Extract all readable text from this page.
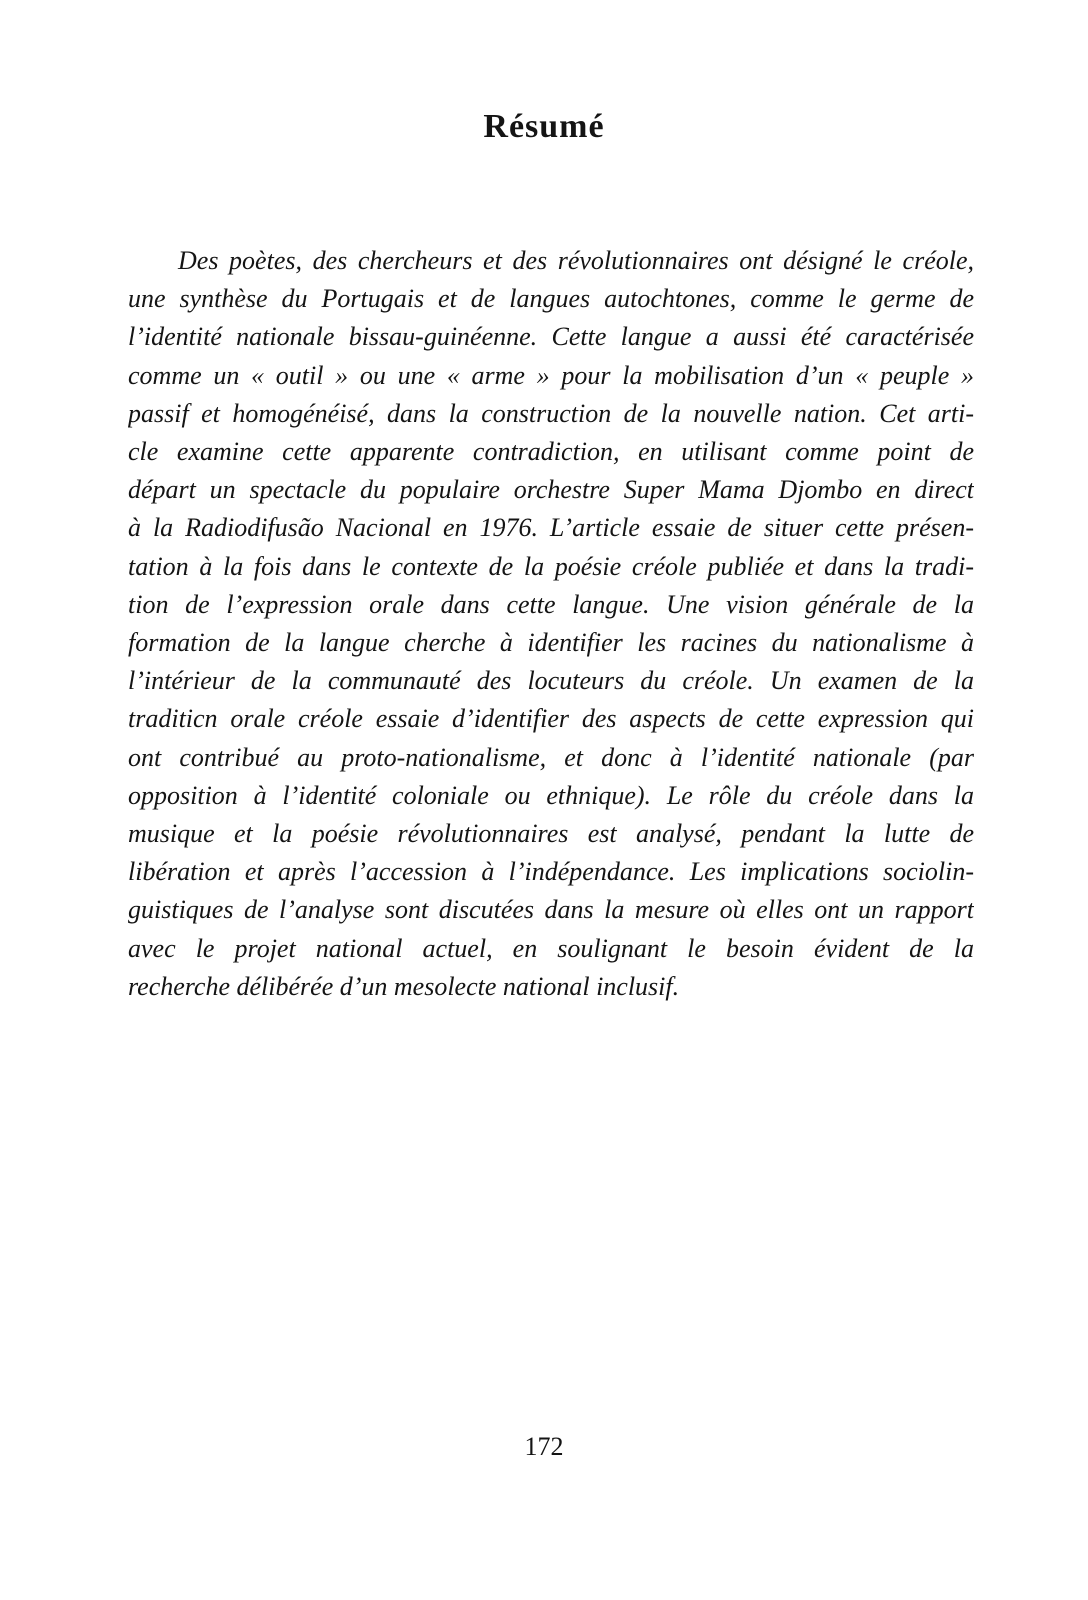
Résumé
Des poètes, des chercheurs et des révolutionnaires ont désigné le créole,
une synthèse du Portugais et de langues autochtones, comme le germe de
l’identité nationale bissau-guinéenne. Cette langue a aussi été caractérisée
comme un « outil » ou une « arme » pour la mobilisation d’un « peuple »
passif et homogénéisé, dans la construction de la nouvelle nation. Cet arti-
cle examine cette apparente contradiction, en utilisant comme point de
départ un spectacle du populaire orchestre Super Mama Djombo en direct
à la Radiodifusão Nacional en 1976. L’article essaie de situer cette présen-
tation à la fois dans le contexte de la poésie créole publiée et dans la tradi-
tion de l’expression orale dans cette langue. Une vision générale de la
formation de la langue cherche à identifier les racines du nationalisme à
l’intérieur de la communauté des locuteurs du créole. Un examen de la
traditicn orale créole essaie d’identifier des aspects de cette expression qui
ont contribué au proto-nationalisme, et donc à l’identité nationale (par
opposition à l’identité coloniale ou ethnique). Le rôle du créole dans la
musique et la poésie révolutionnaires est analysé, pendant la lutte de
libération et après l’accession à l’indépendance. Les implications sociolin-
guistiques de l’analyse sont discutées dans la mesure où elles ont un rapport
avec le projet national actuel, en soulignant le besoin évident de la
recherche délibérée d’un mesolecte national inclusif.
172
